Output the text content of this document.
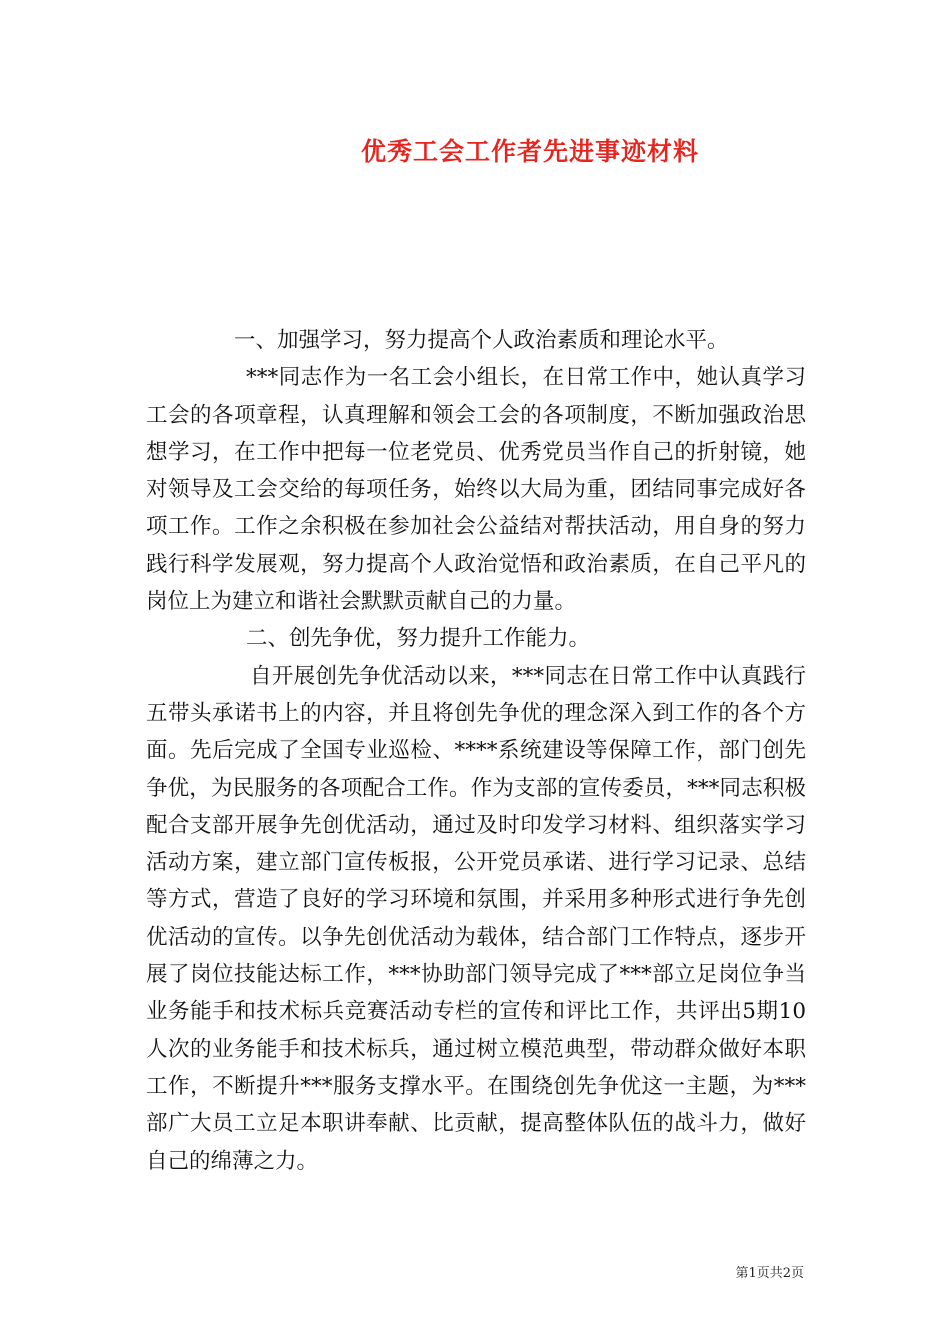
优秀工会工作者先进事迹材料

一、加强学习，努力提高个人政治素质和理论水平。

***同志作为一名工会小组长，在日常工作中，她认真学习工会的各项章程，认真理解和领会工会的各项制度，不断加强政治思想学习，在工作中把每一位老党员、优秀党员当作自己的折射镜，她对领导及工会交给的每项任务，始终以大局为重，团结同事完成好各项工作。工作之余积极在参加社会公益结对帮扶活动，用自身的努力践行科学发展观，努力提高个人政治觉悟和政治素质，在自己平凡的岗位上为建立和谐社会默默贡献自己的力量。

二、创先争优，努力提升工作能力。

自开展创先争优活动以来，***同志在日常工作中认真践行五带头承诺书上的内容，并且将创先争优的理念深入到工作的各个方面。先后完成了全国专业巡检、****系统建设等保障工作，部门创先争优，为民服务的各项配合工作。作为支部的宣传委员，***同志积极配合支部开展争先创优活动，通过及时印发学习材料、组织落实学习活动方案，建立部门宣传板报，公开党员承诺、进行学习记录、总结等方式，营造了良好的学习环境和氛围，并采用多种形式进行争先创优活动的宣传。以争先创优活动为载体，结合部门工作特点，逐步开展了岗位技能达标工作，***协助部门领导完成了***部立足岗位争当业务能手和技术标兵竞赛活动专栏的宣传和评比工作，共评出5期10人次的业务能手和技术标兵，通过树立模范典型，带动群众做好本职工作，不断提升***服务支撑水平。在围绕创先争优这一主题，为***部广大员工立足本职讲奉献、比贡献，提高整体队伍的战斗力，做好自己的绵薄之力。

第1页共2页
